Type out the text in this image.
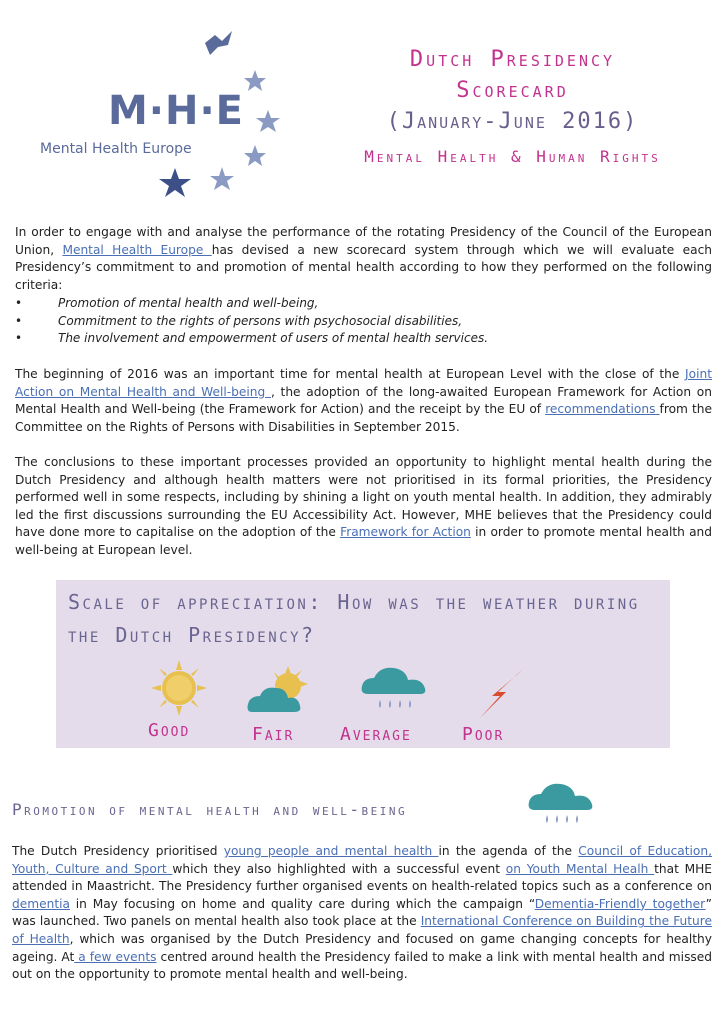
M·H·E
Mental Health Europe
Dutch Presidency
Scorecard
(January-June 2016)
Mental Health & Human Rights
In order to engage with and analyse the performance of the rotating Presidency of the Council of the European Union, Mental Health Europe has devised a new scorecard system through which we will evaluate each Presidency’s commitment to and promotion of mental health according to how they performed on the following criteria:
•	Promotion of mental health and well-being,
•	Commitment to the rights of persons with psychosocial disabilities,
•	The involvement and empowerment of users of mental health services.
The beginning of 2016 was an important time for mental health at European Level with the close of the Joint Action on Mental Health and Well-being , the adoption of the long-awaited European Framework for Action on Mental Health and Well-being (the Framework for Action) and the receipt by the EU of recommendations from the Committee on the Rights of Persons with Disabilities in September 2015.
The conclusions to these important processes provided an opportunity to highlight mental health during the Dutch Presidency and although health matters were not prioritised in its formal priorities, the Presidency performed well in some respects, including by shining a light on youth mental health. In addition, they admirably led the first discussions surrounding the EU Accessibility Act. However, MHE believes that the Presidency could have done more to capitalise on the adoption of the Framework for Action in order to promote mental health and well-being at European level.
Scale of appreciation: How was the weather during the Dutch Presidency?
Good	Fair	Average	Poor
Promotion of mental health and well-being
The Dutch Presidency prioritised young people and mental health in the agenda of the Council of Education, Youth, Culture and Sport which they also highlighted with a successful event on Youth Mental Healh that MHE attended in Maastricht. The Presidency further organised events on health-related topics such as a conference on dementia in May focusing on home and quality care during which the campaign “Dementia-Friendly together” was launched. Two panels on mental health also took place at the International Conference on Building the Future of Health, which was organised by the Dutch Presidency and focused on game changing concepts for healthy ageing. At a few events centred around health the Presidency failed to make a link with mental health and missed out on the opportunity to promote mental health and well-being.
